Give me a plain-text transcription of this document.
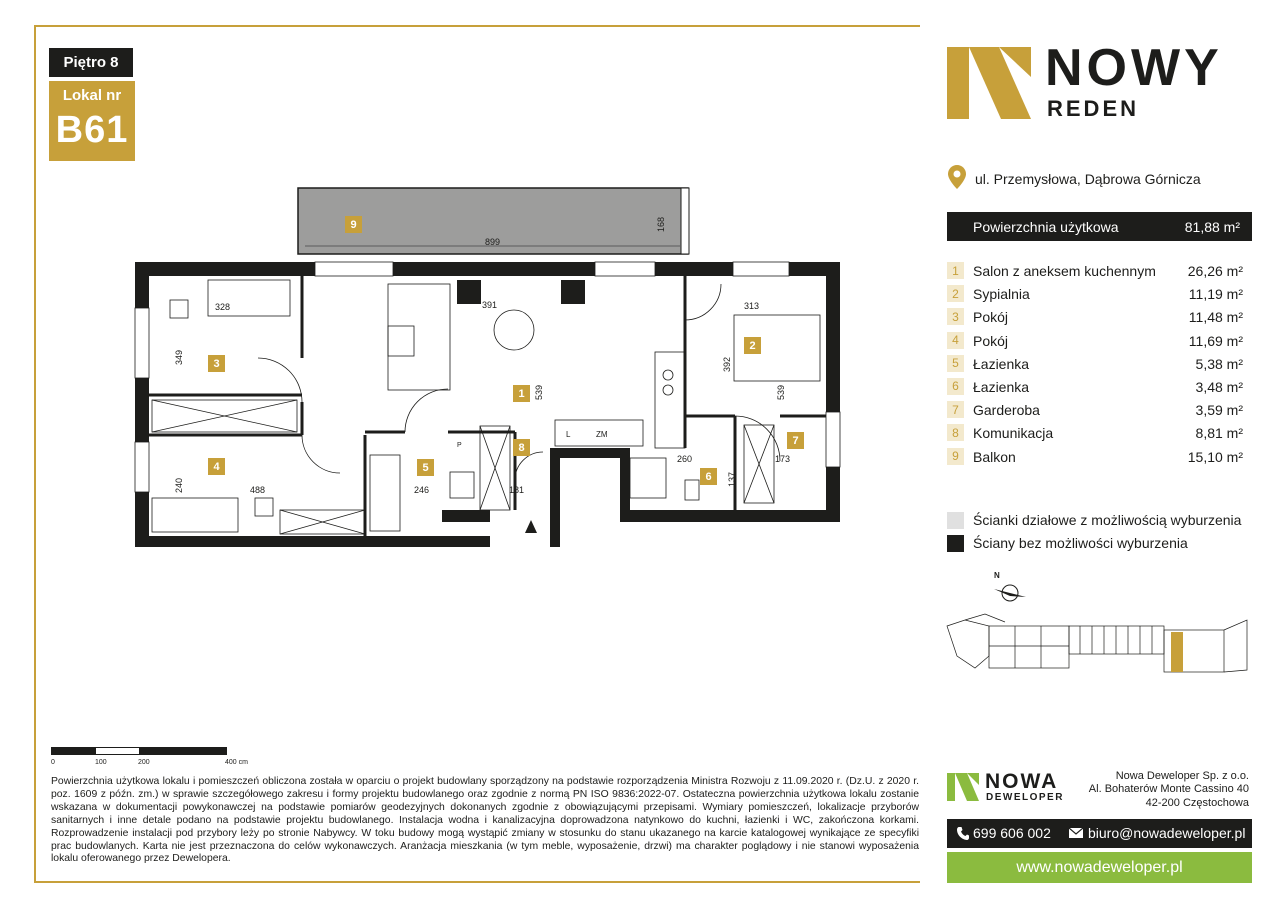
Piętro 8
Lokal nr
B61
9
3
4	5
1
8
2
6
7
899
168
328
349
488
240
391
539
246	181
313
392
539
260	173
137
L	ZM
P
0	100	200	400 cm
Powierzchnia użytkowa lokalu i pomieszczeń obliczona została w oparciu o projekt budowlany sporządzony na podstawie rozporządzenia Ministra Rozwoju z 11.09.2020 r. (Dz.U. z 2020 r. poz. 1609 z późn. zm.) w sprawie szczegółowego zakresu i formy projektu budowlanego oraz zgodnie z normą PN ISO 9836:2022-07. Ostateczna powierzchnia użytkowa lokalu zostanie wskazana w dokumentacji powykonawczej na podstawie pomiarów geodezyjnych dokonanych zgodnie z obowiązującymi przepisami. Wymiary pomieszczeń, lokalizacje przyborów sanitarnych i inne detale podano na podstawie projektu budowlanego. Instalacja wodna i kanalizacyjna doprowadzona natynkowo do kuchni, łazienki i WC, zakończona korkami. Rozprowadzenie instalacji pod przybory leży po stronie Nabywcy. W toku budowy mogą wystąpić zmiany w stosunku do stanu ukazanego na karcie katalogowej wynikające ze specyfiki prac budowlanych. Karta nie jest przeznaczona do celów wykonawczych. Aranżacja mieszkania (w tym meble, wyposażenie, drzwi) ma charakter poglądowy i nie stanowi wyposażenia lokalu oferowanego przez Dewelopera.
NOWY
REDEN
ul. Przemysłowa, Dąbrowa Górnicza
Powierzchnia użytkowa	81,88 m²
1	Salon z aneksem kuchennym 26,26 m²
2	Sypialnia	11,19 m²
3	Pokój	11,48 m²
4	Pokój	11,69 m²
5	Łazienka	5,38 m²
6	Łazienka	3,48 m²
7	Garderoba	3,59 m²
8	Komunikacja	8,81 m²
9	Balkon	15,10 m²
Ścianki działowe z możliwością wyburzenia
Ściany bez możliwości wyburzenia
N
NOWA
DEWELOPER
Nowa Deweloper Sp. z o.o.
Al. Bohaterów Monte Cassino 40
42-200 Częstochowa
699 606 002	biuro@nowadeweloper.pl
www.nowadeweloper.pl
